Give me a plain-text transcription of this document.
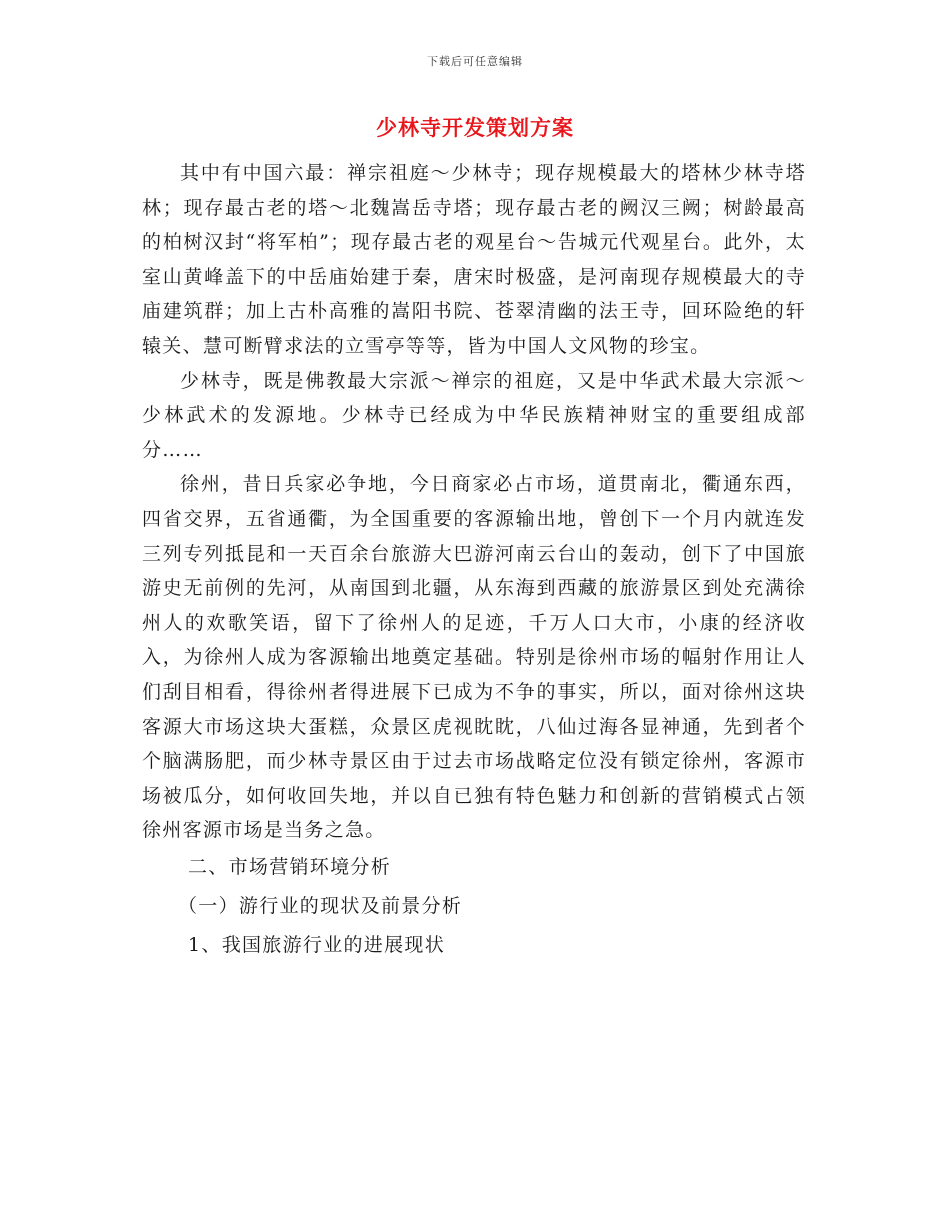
下载后可任意编辑
少林寺开发策划方案

其中有中国六最：禅宗祖庭～少林寺；现存规模最大的塔林少林寺塔林；现存最古老的塔～北魏嵩岳寺塔；现存最古老的阙汉三阙；树龄最高的柏树汉封“将军柏”；现存最古老的观星台～告城元代观星台。此外，太室山黄峰盖下的中岳庙始建于秦，唐宋时极盛，是河南现存规模最大的寺庙建筑群；加上古朴高雅的嵩阳书院、苍翠清幽的法王寺，回环险绝的轩辕关、慧可断臂求法的立雪亭等等，皆为中国人文风物的珍宝。

少林寺，既是佛教最大宗派～禅宗的祖庭，又是中华武术最大宗派～少林武术的发源地。少林寺已经成为中华民族精神财宝的重要组成部分……

徐州，昔日兵家必争地，今日商家必占市场，道贯南北，衢通东西，四省交界，五省通衢，为全国重要的客源输出地，曾创下一个月内就连发三列专列抵昆和一天百余台旅游大巴游河南云台山的轰动，创下了中国旅游史无前例的先河，从南国到北疆，从东海到西藏的旅游景区到处充满徐州人的欢歌笑语，留下了徐州人的足迹，千万人口大市，小康的经济收入，为徐州人成为客源输出地奠定基础。特别是徐州市场的幅射作用让人们刮目相看，得徐州者得进展下已成为不争的事实，所以，面对徐州这块客源大市场这块大蛋糕，众景区虎视眈眈，八仙过海各显神通，先到者个个脑满肠肥，而少林寺景区由于过去市场战略定位没有锁定徐州，客源市场被瓜分，如何收回失地，并以自已独有特色魅力和创新的营销模式占领徐州客源市场是当务之急。

二、市场营销环境分析

（一）游行业的现状及前景分析

1、我国旅游行业的进展现状
